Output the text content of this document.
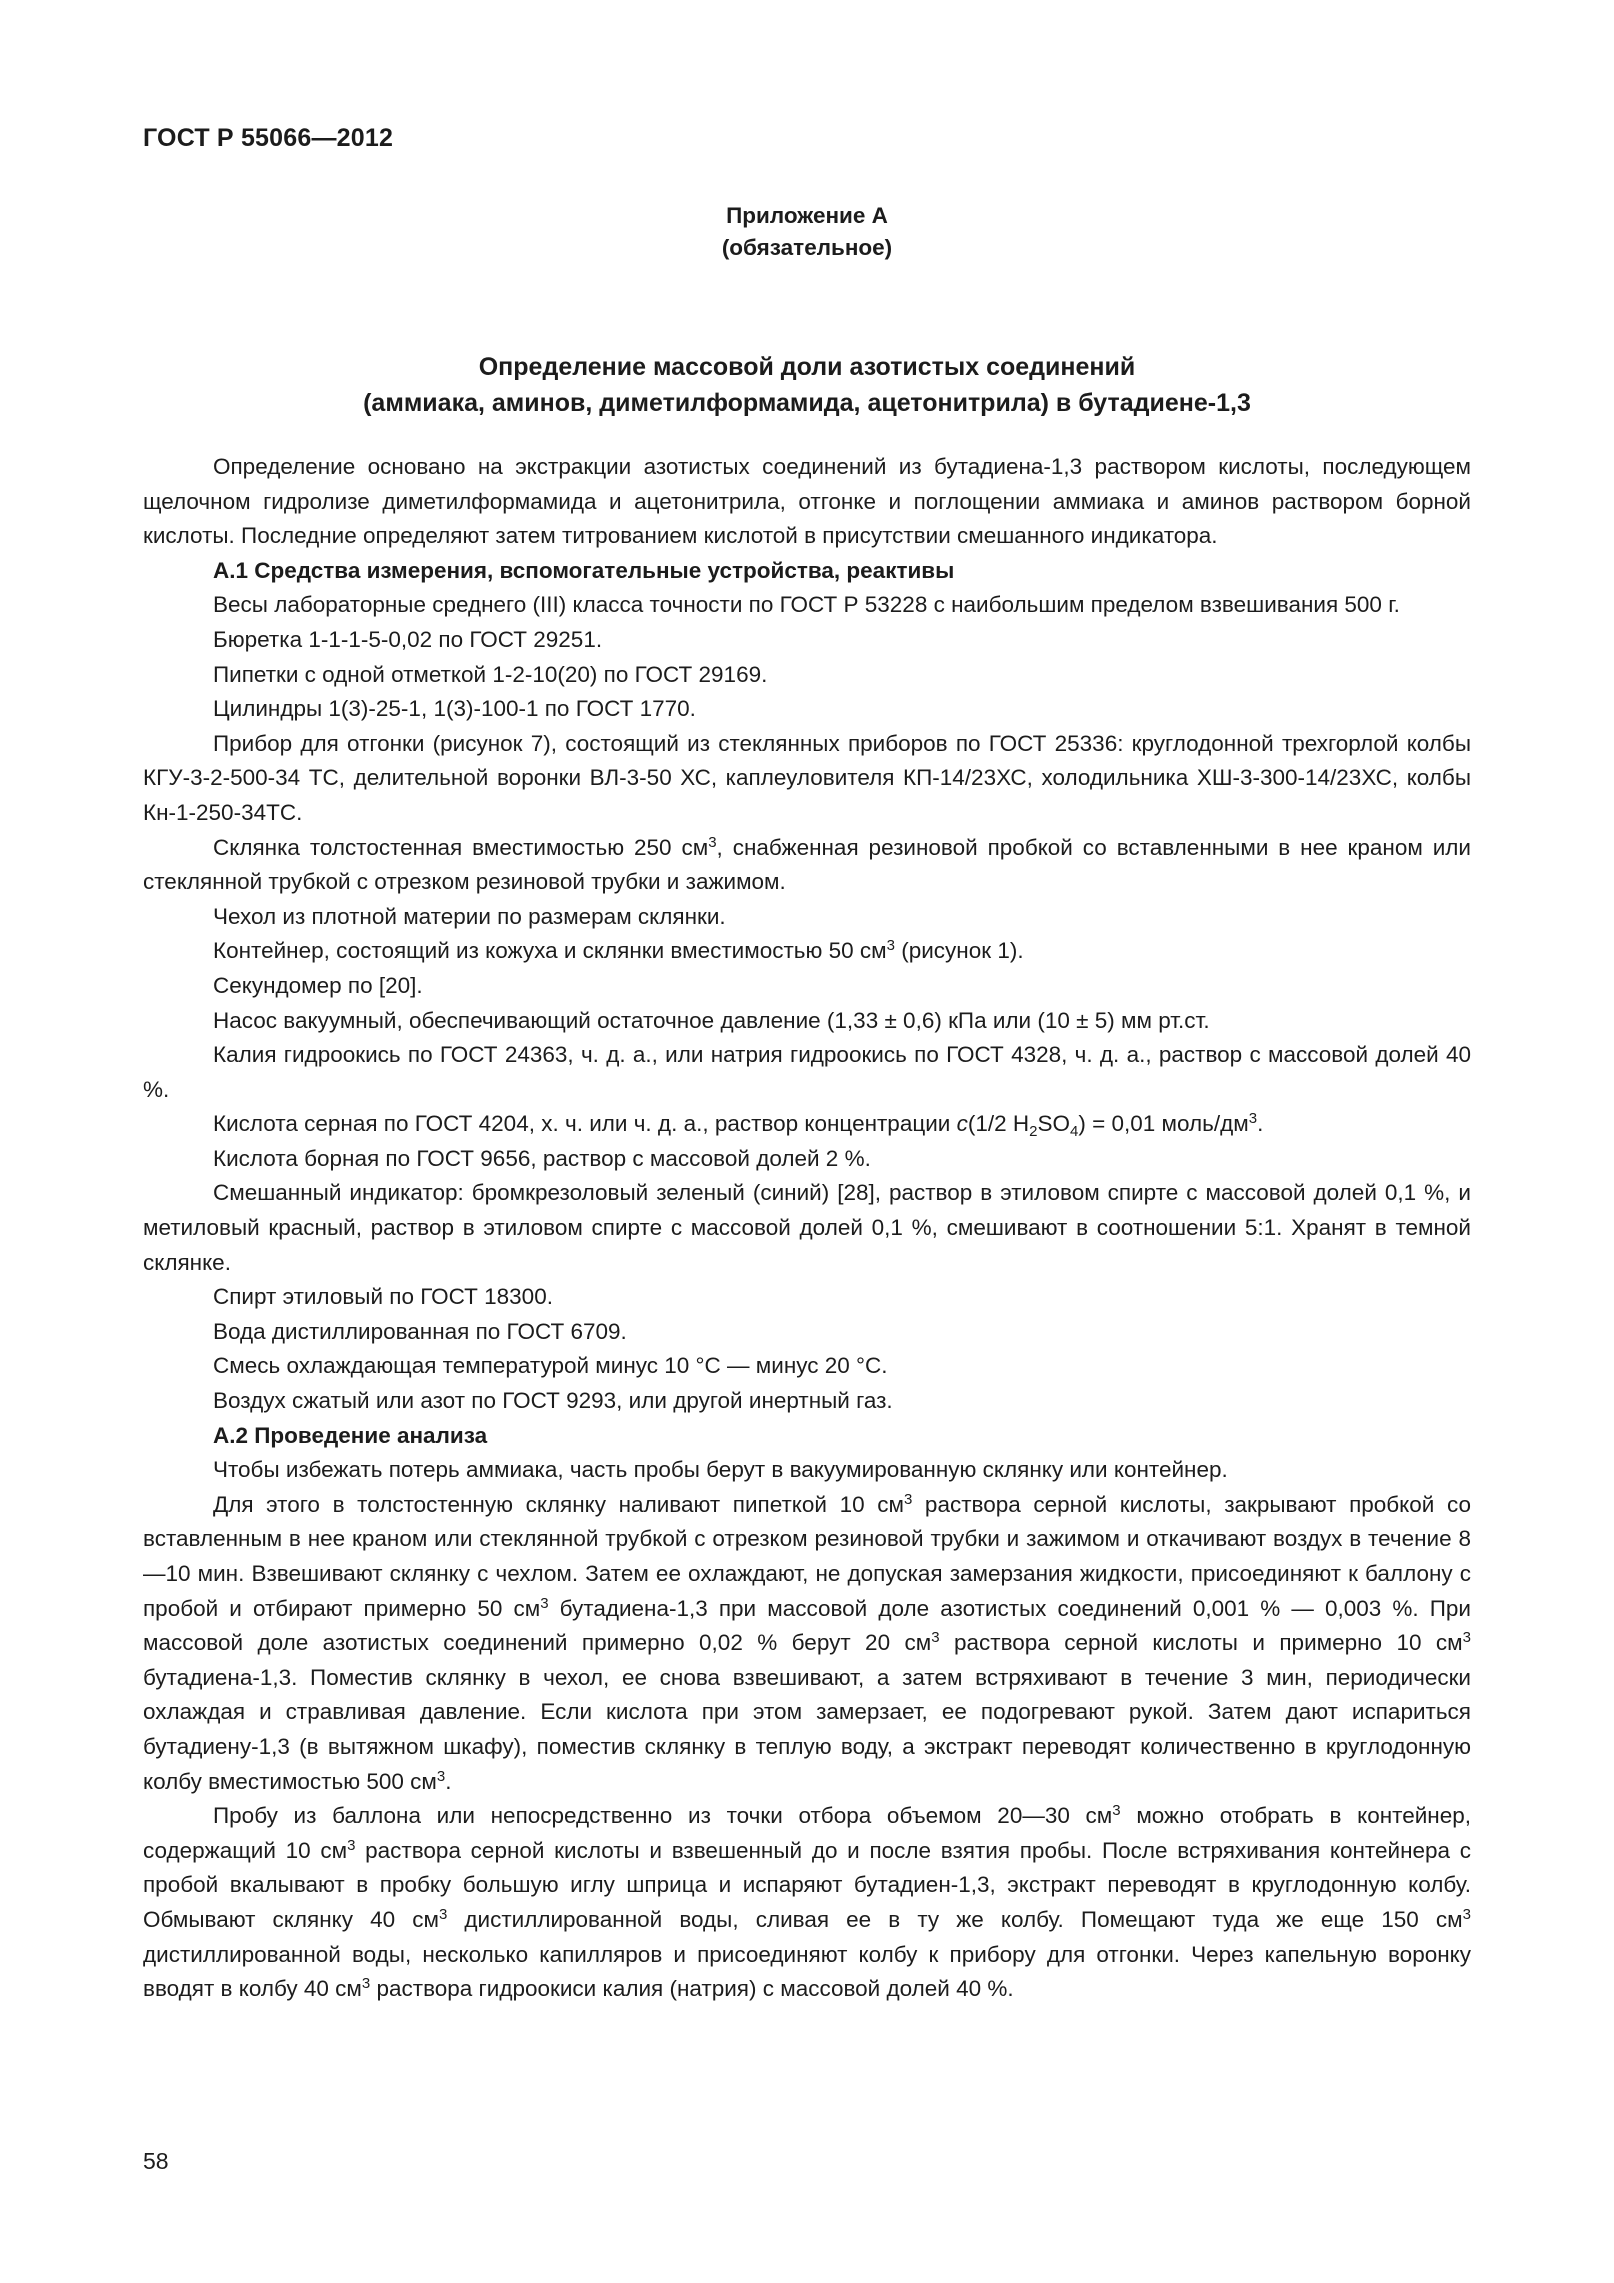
ГОСТ Р 55066—2012
Приложение А
(обязательное)
Определение массовой доли азотистых соединений
(аммиака, аминов, диметилформамида, ацетонитрила) в бутадиене-1,3

Определение основано на экстракции азотистых соединений из бутадиена-1,3 раствором кислоты, последующем щелочном гидролизе диметилформамида и ацетонитрила, отгонке и поглощении аммиака и аминов раствором борной кислоты. Последние определяют затем титрованием кислотой в присутствии смешанного индикатора.

А.1 Средства измерения, вспомогательные устройства, реактивы

Весы лабораторные среднего (III) класса точности по ГОСТ Р 53228 с наибольшим пределом взвешивания 500 г.

Бюретка 1-1-1-5-0,02 по ГОСТ 29251.

Пипетки с одной отметкой 1-2-10(20) по ГОСТ 29169.

Цилиндры 1(3)-25-1, 1(3)-100-1 по ГОСТ 1770.

Прибор для отгонки (рисунок 7), состоящий из стеклянных приборов по ГОСТ 25336: круглодонной трехгорлой колбы КГУ-3-2-500-34 ТС, делительной воронки ВЛ-3-50 ХС, каплеуловителя КП-14/23ХС, холодильника ХШ-3-300-14/23ХС, колбы Кн-1-250-34ТС.

Склянка толстостенная вместимостью 250 $см^3$, снабженная резиновой пробкой со вставленными в нее краном или стеклянной трубкой с отрезком резиновой трубки и зажимом.

Чехол из плотной материи по размерам склянки.

Контейнер, состоящий из кожуха и склянки вместимостью 50 $см^3$ (рисунок 1).

Секундомер по [20].

Насос вакуумный, обеспечивающий остаточное давление (1,33 ± 0,6) кПа или (10 ± 5) мм рт.ст.

Калия гидроокись по ГОСТ 24363, ч. д. а., или натрия гидроокись по ГОСТ 4328, ч. д. а., раствор с массовой долей 40 %.

Кислота серная по ГОСТ 4204, х. ч. или ч. д. а., раствор концентрации c(1/2 $H_2SO_4) = 0,01$ моль/$дм^3$.

Кислота борная по ГОСТ 9656, раствор с массовой долей 2 %.

Смешанный индикатор: бромкрезоловый зеленый (синий) [28], раствор в этиловом спирте с массовой долей 0,1 %, и метиловый красный, раствор в этиловом спирте с массовой долей 0,1 %, смешивают в соотношении 5:1. Хранят в темной склянке.

Спирт этиловый по ГОСТ 18300.

Вода дистиллированная по ГОСТ 6709.

Смесь охлаждающая температурой минус 10 °С — минус 20 °С.

Воздух сжатый или азот по ГОСТ 9293, или другой инертный газ.

А.2 Проведение анализа

Чтобы избежать потерь аммиака, часть пробы берут в вакуумированную склянку или контейнер.

Для этого в толстостенную склянку наливают пипеткой 10 $см^3$ раствора серной кислоты, закрывают пробкой со вставленным в нее краном или стеклянной трубкой с отрезком резиновой трубки и зажимом и откачивают воздух в течение 8—10 мин. Взвешивают склянку с чехлом. Затем ее охлаждают, не допуская замерзания жидкости, присоединяют к баллону с пробой и отбирают примерно 50 $см^3$ бутадиена-1,3 при массовой доле азотистых соединений 0,001 % — 0,003 %. При массовой доле азотистых соединений примерно 0,02 % берут 20 $см^3$ раствора серной кислоты и примерно 10 $см^3$ бутадиена-1,3. Поместив склянку в чехол, ее снова взвешивают, а затем встряхивают в течение 3 мин, периодически охлаждая и стравливая давление. Если кислота при этом замерзает, ее подогревают рукой. Затем дают испариться бутадиену-1,3 (в вытяжном шкафу), поместив склянку в теплую воду, а экстракт переводят количественно в круглодонную колбу вместимостью 500 $см^3$.

Пробу из баллона или непосредственно из точки отбора объемом 20—30 $см^3$ можно отобрать в контейнер, содержащий 10 $см^3$ раствора серной кислоты и взвешенный до и после взятия пробы. После встряхивания контейнера с пробой вкалывают в пробку большую иглу шприца и испаряют бутадиен-1,3, экстракт переводят в круглодонную колбу. Обмывают склянку 40 $см^3$ дистиллированной воды, сливая ее в ту же колбу. Помещают туда же еще 150 $см^3$ дистиллированной воды, несколько капилляров и присоединяют колбу к прибору для отгонки. Через капельную воронку вводят в колбу 40 $см^3$ раствора гидроокиси калия (натрия) с массовой долей 40 %.

58
